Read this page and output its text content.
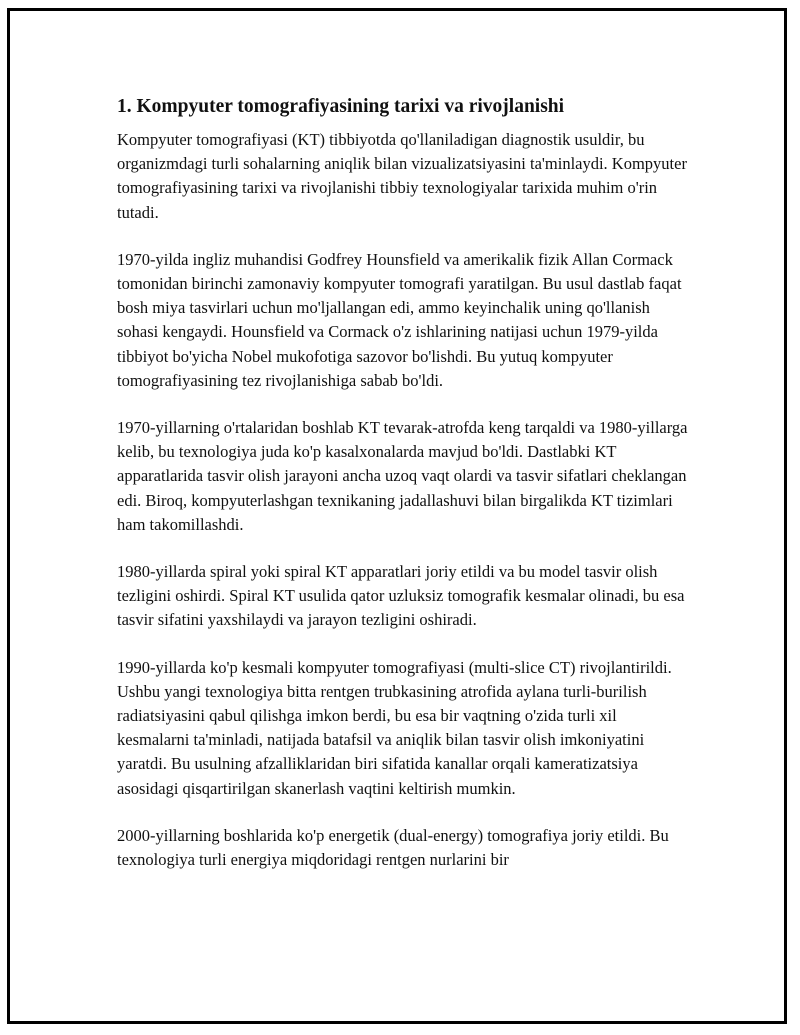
1. Kompyuter tomografiyasining tarixi va rivojlanishi

Kompyuter tomografiyasi (KT) tibbiyotda qo'llaniladigan diagnostik usuldir, bu organizmdagi turli sohalarning aniqlik bilan vizualizatsiyasini ta'minlaydi. Kompyuter tomografiyasining tarixi va rivojlanishi tibbiy texnologiyalar tarixida muhim o'rin tutadi.

1970-yilda ingliz muhandisi Godfrey Hounsfield va amerikalik fizik Allan Cormack tomonidan birinchi zamonaviy kompyuter tomografi yaratilgan. Bu usul dastlab faqat bosh miya tasvirlari uchun mo'ljallangan edi, ammo keyinchalik uning qo'llanish sohasi kengaydi. Hounsfield va Cormack o'z ishlarining natijasi uchun 1979-yilda tibbiyot bo'yicha Nobel mukofotiga sazovor bo'lishdi. Bu yutuq kompyuter tomografiyasining tez rivojlanishiga sabab bo'ldi.

1970-yillarning o'rtalaridan boshlab KT tevarak-atrofda keng tarqaldi va 1980-yillarga kelib, bu texnologiya juda ko'p kasalxonalarda mavjud bo'ldi. Dastlabki KT apparatlarida tasvir olish jarayoni ancha uzoq vaqt olardi va tasvir sifatlari cheklangan edi. Biroq, kompyuterlashgan texnikaning jadallashuvi bilan birgalikda KT tizimlari ham takomillashdi.

1980-yillarda spiral yoki spiral KT apparatlari joriy etildi va bu model tasvir olish tezligini oshirdi. Spiral KT usulida qator uzluksiz tomografik kesmalar olinadi, bu esa tasvir sifatini yaxshilaydi va jarayon tezligini oshiradi.

1990-yillarda ko'p kesmali kompyuter tomografiyasi (multi-slice CT) rivojlantirildi. Ushbu yangi texnologiya bitta rentgen trubkasining atrofida aylana turli-burilish radiatsiyasini qabul qilishga imkon berdi, bu esa bir vaqtning o'zida turli xil kesmalarni ta'minladi, natijada batafsil va aniqlik bilan tasvir olish imkoniyatini yaratdi. Bu usulning afzalliklaridan biri sifatida kanallar orqali kameratizatsiya asosidagi qisqartirilgan skanerlash vaqtini keltirish mumkin.

2000-yillarning boshlarida ko'p energetik (dual-energy) tomografiya joriy etildi. Bu texnologiya turli energiya miqdoridagi rentgen nurlarini bir
